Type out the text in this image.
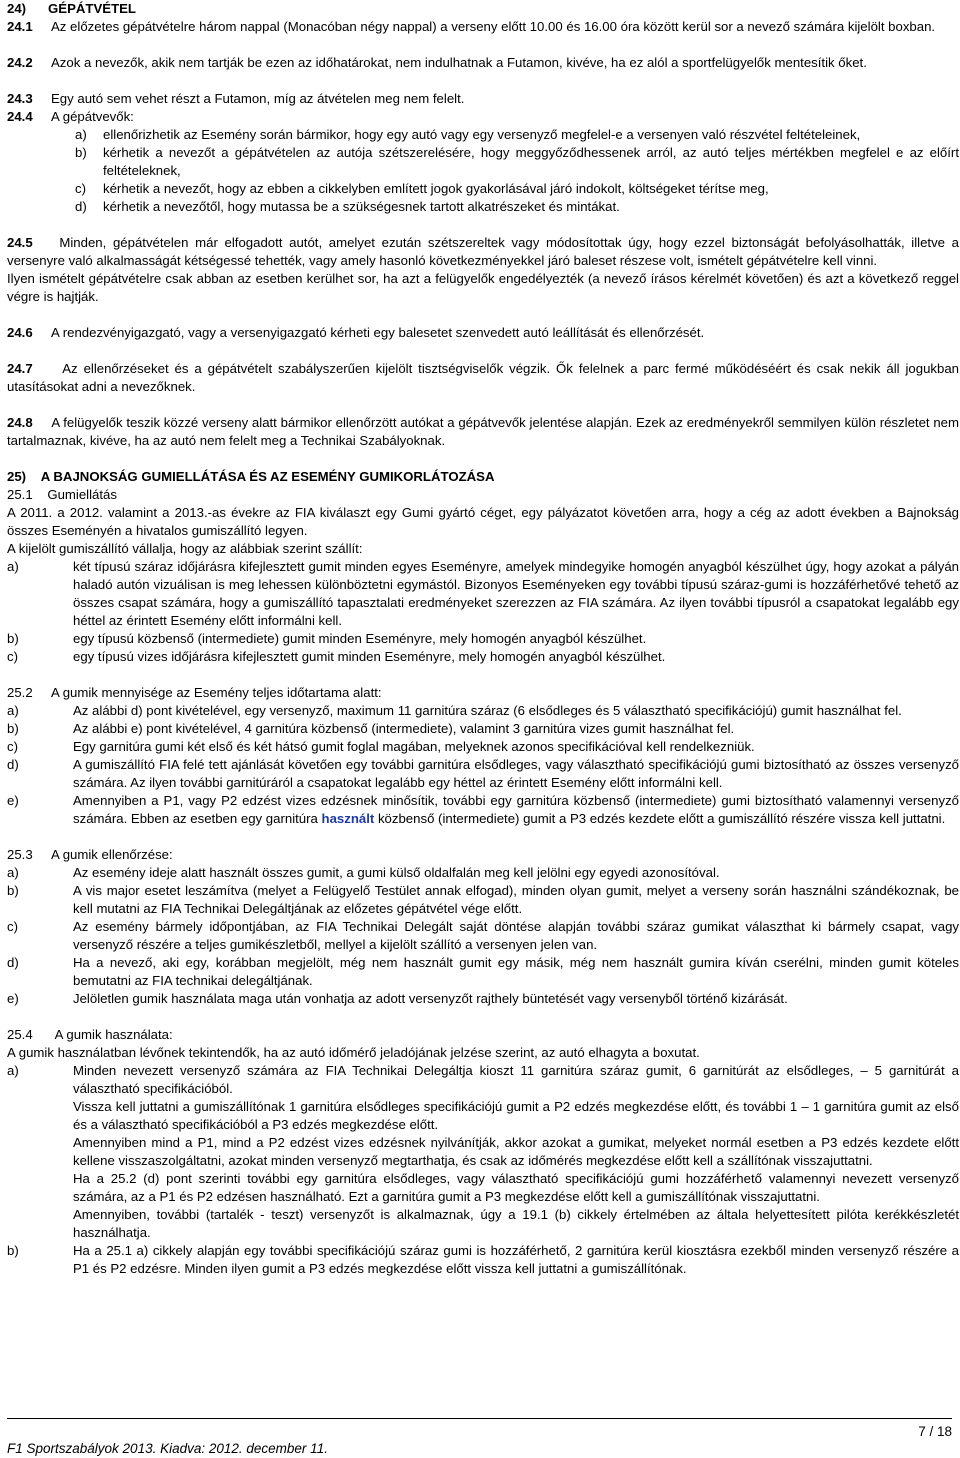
24)      GÉPÁTVÉTEL

24.1 Az előzetes gépátvételre három nappal (Monacóban négy nappal) a verseny előtt 10.00 és 16.00 óra között kerül sor a nevező számára kijelölt boxban.

24.2 Azok a nevezők, akik nem tartják be ezen az időhatárokat, nem indulhatnak a Futamon, kivéve, ha ez alól a sportfelügyelők mentesítik őket.

24.3 Egy autó sem vehet részt a Futamon, míg az átvételen meg nem felelt.

24.4 A gépátvevők:

a)	ellenőrizhetik az Esemény során bármikor, hogy egy autó vagy egy versenyző megfelel-e a versenyen való részvétel feltételeinek,
b)	kérhetik a nevezőt a gépátvételen az autója szétszerelésére, hogy meggyőződhessenek arról, az autó teljes mértékben megfelel e az előírt feltételeknek,
c)	kérhetik a nevezőt, hogy az ebben a cikkelyben említett jogok gyakorlásával járó indokolt, költségeket térítse meg,
d)	kérhetik a nevezőtől, hogy mutassa be a szükségesnek tartott alkatrészeket és mintákat.

24.5 Minden, gépátvételen már elfogadott autót, amelyet ezután szétszereltek vagy módosítottak úgy, hogy ezzel biztonságát befolyásolhatták, illetve a versenyre való alkalmasságát kétségessé tehették, vagy amely hasonló következményekkel járó baleset részese volt, ismételt gépátvételre kell vinni.

Ilyen ismételt gépátvételre csak abban az esetben kerülhet sor, ha azt a felügyelők engedélyezték (a nevező írásos kérelmét követően) és azt a következő reggel végre is hajtják.

24.6 A rendezvényigazgató, vagy a versenyigazgató kérheti egy balesetet szenvedett autó leállítását és ellenőrzését.

24.7 Az ellenőrzéseket és a gépátvételt szabályszerűen kijelölt tisztségviselők végzik. Ők felelnek a parc fermé működéséért és csak nekik áll jogukban utasításokat adni a nevezőknek.

24.8 A felügyelők teszik közzé verseny alatt bármikor ellenőrzött autókat a gépátvevők jelentése alapján. Ezek az eredményekről semmilyen külön részletet nem tartalmaznak, kivéve, ha az autó nem felelt meg a Technikai Szabályoknak.

25)    A BAJNOKSÁG GUMIELLÁTÁSA ÉS AZ ESEMÉNY GUMIKORLÁTOZÁSA

25.1    Gumiellátás

A 2011. a 2012. valamint a 2013.-as évekre az FIA kiválaszt egy Gumi gyártó céget, egy pályázatot követően arra, hogy a cég az adott években a Bajnokság összes Eseményén a hivatalos gumiszállító legyen.

A kijelölt gumiszállító vállalja, hogy az alábbiak szerint szállít:

a)	két típusú száraz időjárásra kifejlesztett gumit minden egyes Eseményre, amelyek mindegyike homogén anyagból készülhet úgy, hogy azokat a pályán haladó autón vizuálisan is meg lehessen különböztetni egymástól. Bizonyos Eseményeken egy további típusú száraz-gumi is hozzáférhetővé tehető az összes csapat számára, hogy a gumiszállító tapasztalati eredményeket szerezzen az FIA számára. Az ilyen további típusról a csapatokat legalább egy héttel az érintett Esemény előtt informálni kell.
b)	egy típusú közbenső (intermediete) gumit minden Eseményre, mely homogén anyagból készülhet.
c)	egy típusú vizes időjárásra kifejlesztett gumit minden Eseményre, mely homogén anyagból készülhet.

25.2     A gumik mennyisége az Esemény teljes időtartama alatt:

a)	Az alábbi d) pont kivételével, egy versenyző, maximum 11 garnitúra száraz (6 elsődleges és 5 választható specifikációjú) gumit használhat fel.
b)	Az alábbi e) pont kivételével, 4 garnitúra közbenső (intermediete), valamint 3 garnitúra vizes gumit használhat fel.
c)	Egy garnitúra gumi két első és két hátsó gumit foglal magában, melyeknek azonos specifikációval kell rendelkezniük.
d)	A gumiszállító FIA felé tett ajánlását követően egy további garnitúra elsődleges, vagy választható specifikációjú gumi biztosítható az összes versenyző számára. Az ilyen további garnitúráról a csapatokat legalább egy héttel az érintett Esemény előtt informálni kell.
e)	Amennyiben a P1, vagy P2 edzést vizes edzésnek minősítik, további egy garnitúra közbenső (intermediete) gumi biztosítható valamennyi versenyző számára. Ebben az esetben egy garnitúra használt közbenső (intermediete) gumit a P3 edzés kezdete előtt a gumiszállító részére vissza kell juttatni.

25.3     A gumik ellenőrzése:

a)	Az esemény ideje alatt használt összes gumit, a gumi külső oldalfalán meg kell jelölni egy egyedi azonosítóval.
b)	A vis major esetet leszámítva (melyet a Felügyelő Testület annak elfogad), minden olyan gumit, melyet a verseny során használni szándékoznak, be kell mutatni az FIA Technikai Delegáltjának az előzetes gépátvétel vége előtt.
c)	Az esemény bármely időpontjában, az FIA Technikai Delegált saját döntése alapján további száraz gumikat választhat ki bármely csapat, vagy versenyző részére a teljes gumikészletből, mellyel a kijelölt szállító a versenyen jelen van.
d)	Ha a nevező, aki egy, korábban megjelölt, még nem használt gumit egy másik, még nem használt gumira kíván cserélni, minden gumit köteles bemutatni az FIA technikai delegáltjának.
e)	Jelöletlen gumik használata maga után vonhatja az adott versenyzőt rajthely büntetését vagy versenyből történő kizárását.

25.4      A gumik használata:

A gumik használatban lévőnek tekintendők, ha az autó időmérő jeladójának jelzése szerint, az autó elhagyta a boxutat.

a)	Minden nevezett versenyző számára az FIA Technikai Delegáltja kioszt 11 garnitúra száraz gumit, 6 garnitúrát az elsődleges, – 5 garnitúrát a választható specifikációból.
Vissza kell juttatni a gumiszállítónak 1 garnitúra elsődleges specifikációjú gumit a P2 edzés megkezdése előtt, és további 1 – 1 garnitúra gumit az első és a választható specifikációból a P3 edzés megkezdése előtt.
Amennyiben mind a P1, mind a P2 edzést vizes edzésnek nyilvánítják, akkor azokat a gumikat, melyeket normál esetben a P3 edzés kezdete előtt kellene visszaszolgáltatni, azokat minden versenyző megtarthatja, és csak az időmérés megkezdése előtt kell a szállítónak visszajuttatni.
Ha a 25.2 (d) pont szerinti további egy garnitúra elsődleges, vagy választható specifikációjú gumi hozzáférhető valamennyi nevezett versenyző számára, az a P1 és P2 edzésen használható. Ezt a garnitúra gumit a P3 megkezdése előtt kell a gumiszállítónak visszajuttatni.
Amennyiben, további (tartalék - teszt) versenyzőt is alkalmaznak, úgy a 19.1 (b) cikkely értelmében az általa helyettesített pilóta kerékkészletét használhatja.
b)	Ha a 25.1 a) cikkely alapján egy további specifikációjú száraz gumi is hozzáférhető, 2 garnitúra kerül kiosztásra ezekből minden versenyző részére a P1 és P2 edzésre. Minden ilyen gumit a P3 edzés megkezdése előtt vissza kell juttatni a gumiszállítónak.
F1 Sportszabályok 2013. Kiadva: 2012. december 11.
7 / 18
